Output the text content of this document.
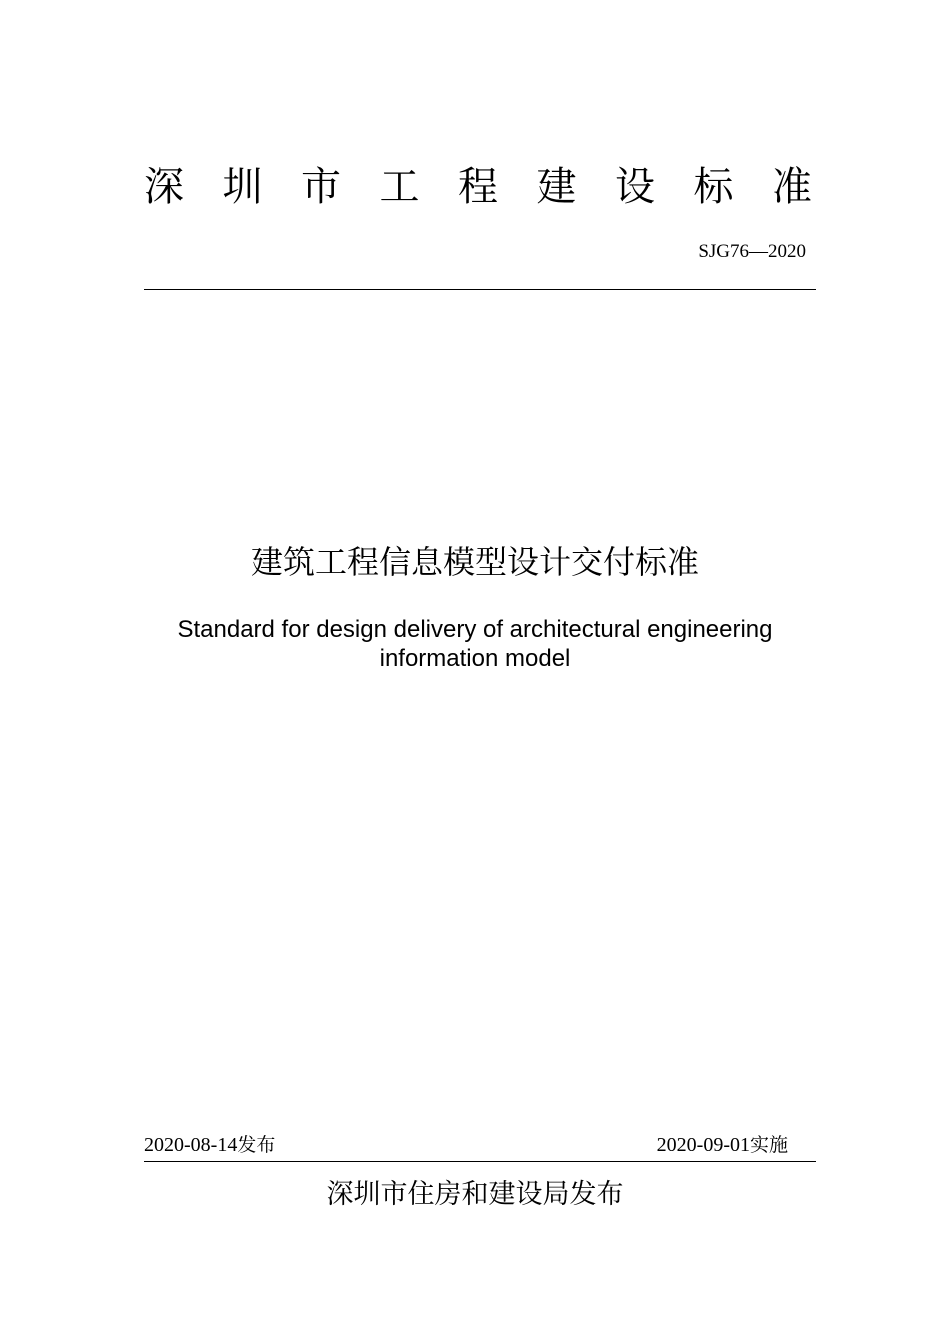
深 圳 市 工 程 建 设 标 准
SJG76—2020
建筑工程信息模型设计交付标准
Standard for design delivery of architectural engineering
information model
2020-08-14发布	2020-09-01实施
深圳市住房和建设局发布
